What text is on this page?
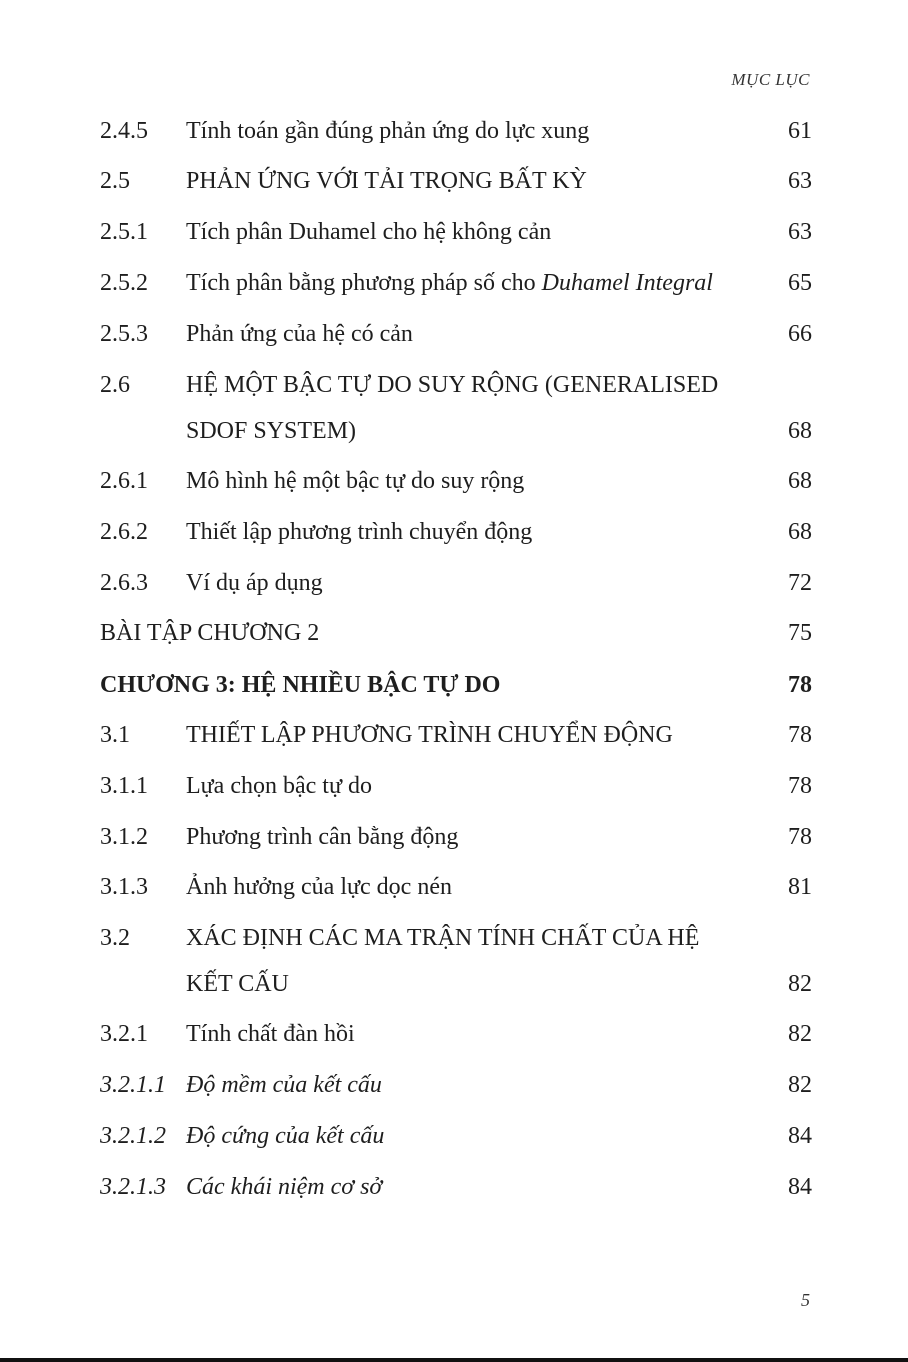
MỤC LỤC
2.4.5 Tính toán gần đúng phản ứng do lực xung	61
2.5 PHẢN ỨNG VỚI TẢI TRỌNG BẤT KỲ	63
2.5.1 Tích phân Duhamel cho hệ không cản	63
2.5.2 Tích phân bằng phương pháp số cho Duhamel Integral	65
2.5.3 Phản ứng của hệ có cản	66
2.6 HỆ MỘT BẬC TỰ DO SUY RỘNG (GENERALISED
SDOF SYSTEM)	68
2.6.1 Mô hình hệ một bậc tự do suy rộng	68
2.6.2 Thiết lập phương trình chuyển động	68
2.6.3 Ví dụ áp dụng	72
BÀI TẬP CHƯƠNG 2	75
CHƯƠNG 3: HỆ NHIỀU BẬC TỰ DO	78
3.1 THIẾT LẬP PHƯƠNG TRÌNH CHUYỂN ĐỘNG	78
3.1.1 Lựa chọn bậc tự do	78
3.1.2 Phương trình cân bằng động	78
3.1.3 Ảnh hưởng của lực dọc nén	81
3.2 XÁC ĐỊNH CÁC MA TRẬN TÍNH CHẤT CỦA HỆ
KẾT CẤU	82
3.2.1 Tính chất đàn hồi	82
3.2.1.1 Độ mềm của kết cấu	82
3.2.1.2 Độ cứng của kết cấu	84
3.2.1.3 Các khái niệm cơ sở	84
5
